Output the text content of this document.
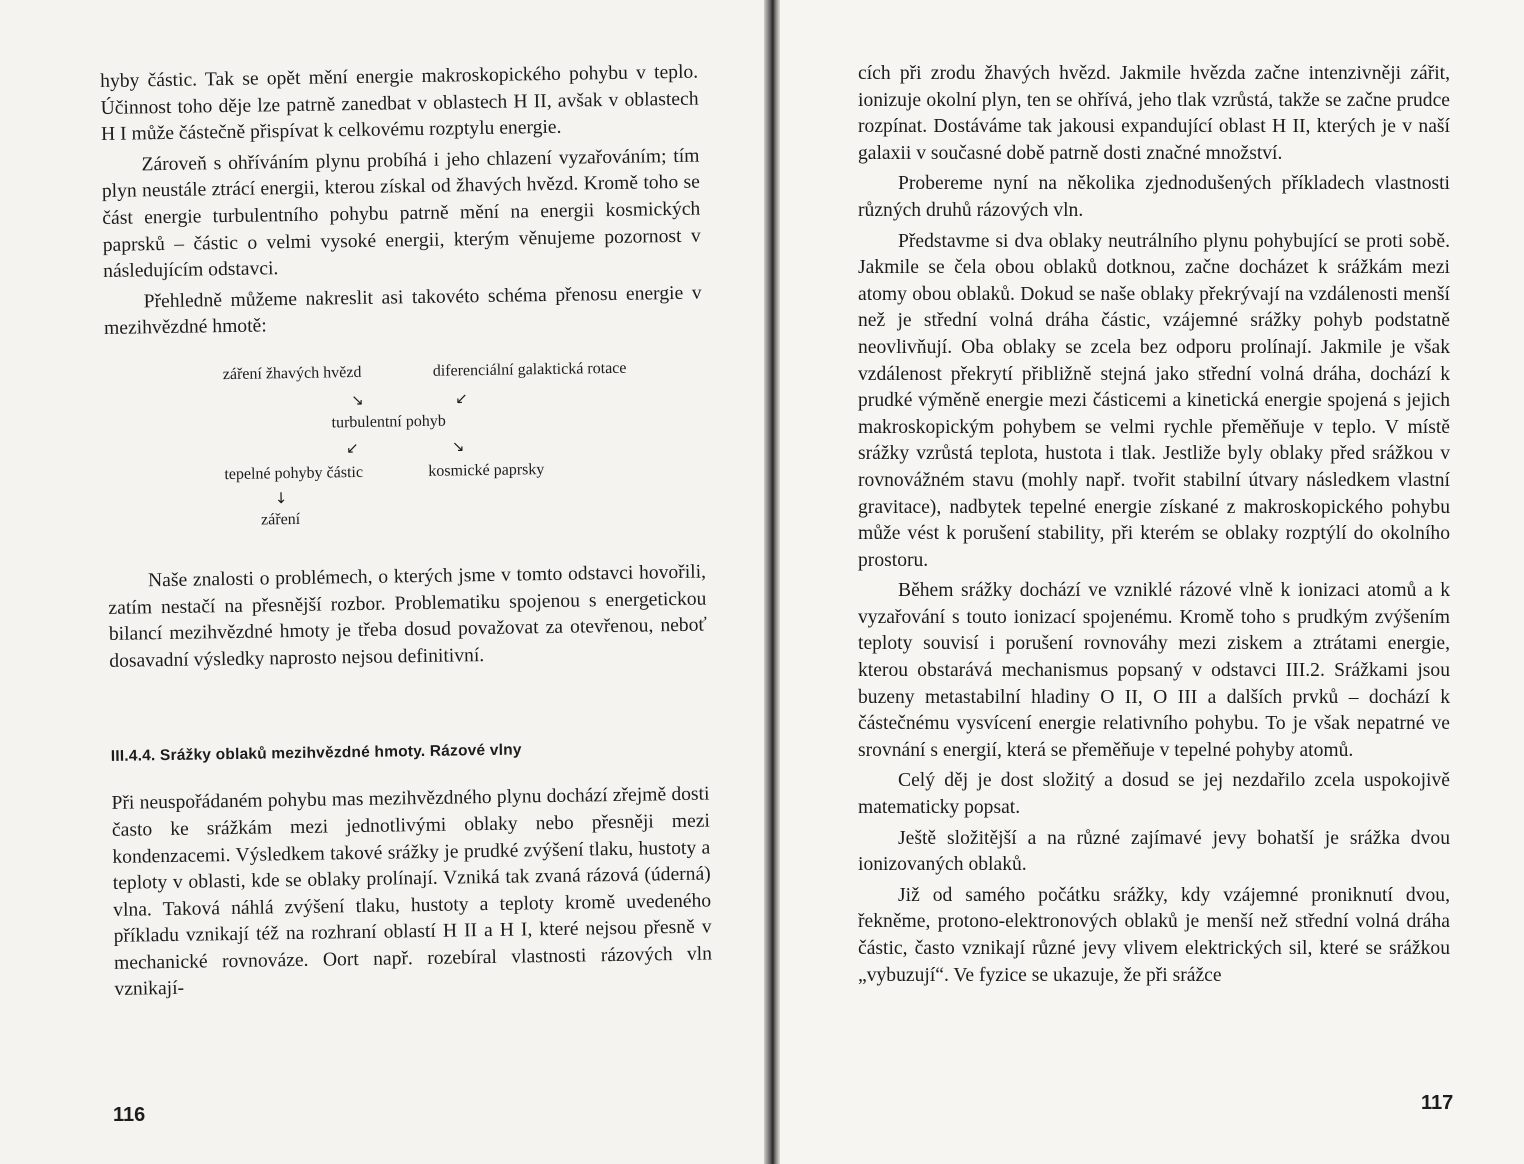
hyby částic. Tak se opět mění energie makroskopického pohybu v teplo. Účinnost toho děje lze patrně zanedbat v oblastech H II, avšak v oblastech H I může částečně přispívat k celkovému rozptylu energie.

Zároveň s ohříváním plynu probíhá i jeho chlazení vyzařováním; tím plyn neustále ztrácí energii, kterou získal od žhavých hvězd. Kromě toho se část energie turbulentního pohybu patrně mění na energii kosmických paprsků – částic o velmi vysoké energii, kterým věnujeme pozornost v následujícím odstavci.

Přehledně můžeme nakreslit asi takovéto schéma přenosu energie v mezihvězdné hmotě:

záření žhavých hvězd	diferenciální galaktická rotace
↘	↙
turbulentní pohyb
↙	↘
tepelné pohyby částic	kosmické paprsky
↓
záření

Naše znalosti o problémech, o kterých jsme v tomto odstavci hovořili, zatím nestačí na přesnější rozbor. Problematiku spojenou s energetickou bilancí mezihvězdné hmoty je třeba dosud považovat za otevřenou, neboť dosavadní výsledky naprosto nejsou definitivní.

III.4.4. Srážky oblaků mezihvězdné hmoty. Rázové vlny

Při neuspořádaném pohybu mas mezihvězdného plynu dochází zřejmě dosti často ke srážkám mezi jednotlivými oblaky nebo přesněji mezi kondenzacemi. Výsledkem takové srážky je prudké zvýšení tlaku, hustoty a teploty v oblasti, kde se oblaky prolínají. Vzniká tak zvaná rázová (úderná) vlna. Taková náhlá zvýšení tlaku, hustoty a teploty kromě uvedeného příkladu vznikají též na rozhraní oblastí H II a H I, které nejsou přesně v mechanické rovnováze. Oort např. rozebíral vlastnosti rázových vln vznikají-

116

cích při zrodu žhavých hvězd. Jakmile hvězda začne intenzivněji zářit, ionizuje okolní plyn, ten se ohřívá, jeho tlak vzrůstá, takže se začne prudce rozpínat. Dostáváme tak jakousi expandující oblast H II, kterých je v naší galaxii v současné době patrně dosti značné množství.

Probereme nyní na několika zjednodušených příkladech vlastnosti různých druhů rázových vln.

Představme si dva oblaky neutrálního plynu pohybující se proti sobě. Jakmile se čela obou oblaků dotknou, začne docházet k srážkám mezi atomy obou oblaků. Dokud se naše oblaky překrývají na vzdálenosti menší než je střední volná dráha částic, vzájemné srážky pohyb podstatně neovlivňují. Oba oblaky se zcela bez odporu prolínají. Jakmile je však vzdálenost překrytí přibližně stejná jako střední volná dráha, dochází k prudké výměně energie mezi částicemi a kinetická energie spojená s jejich makroskopickým pohybem se velmi rychle přeměňuje v teplo. V místě srážky vzrůstá teplota, hustota i tlak. Jestliže byly oblaky před srážkou v rovnovážném stavu (mohly např. tvořit stabilní útvary následkem vlastní gravitace), nadbytek tepelné energie získané z makroskopického pohybu může vést k porušení stability, při kterém se oblaky rozptýlí do okolního prostoru.

Během srážky dochází ve vzniklé rázové vlně k ionizaci atomů a k vyzařování s touto ionizací spojenému. Kromě toho s prudkým zvýšením teploty souvisí i porušení rovnováhy mezi ziskem a ztrátami energie, kterou obstarává mechanismus popsaný v odstavci III.2. Srážkami jsou buzeny metastabilní hladiny O II, O III a dalších prvků – dochází k částečnému vysvícení energie relativního pohybu. To je však nepatrné ve srovnání s energií, která se přeměňuje v tepelné pohyby atomů.

Celý děj je dost složitý a dosud se jej nezdařilo zcela uspokojivě matematicky popsat.

Ještě složitější a na různé zajímavé jevy bohatší je srážka dvou ionizovaných oblaků.

Již od samého počátku srážky, kdy vzájemné proniknutí dvou, řekněme, protono-elektronových oblaků je menší než střední volná dráha částic, často vznikají různé jevy vlivem elektrických sil, které se srážkou „vybuzují“. Ve fyzice se ukazuje, že při srážce

117
